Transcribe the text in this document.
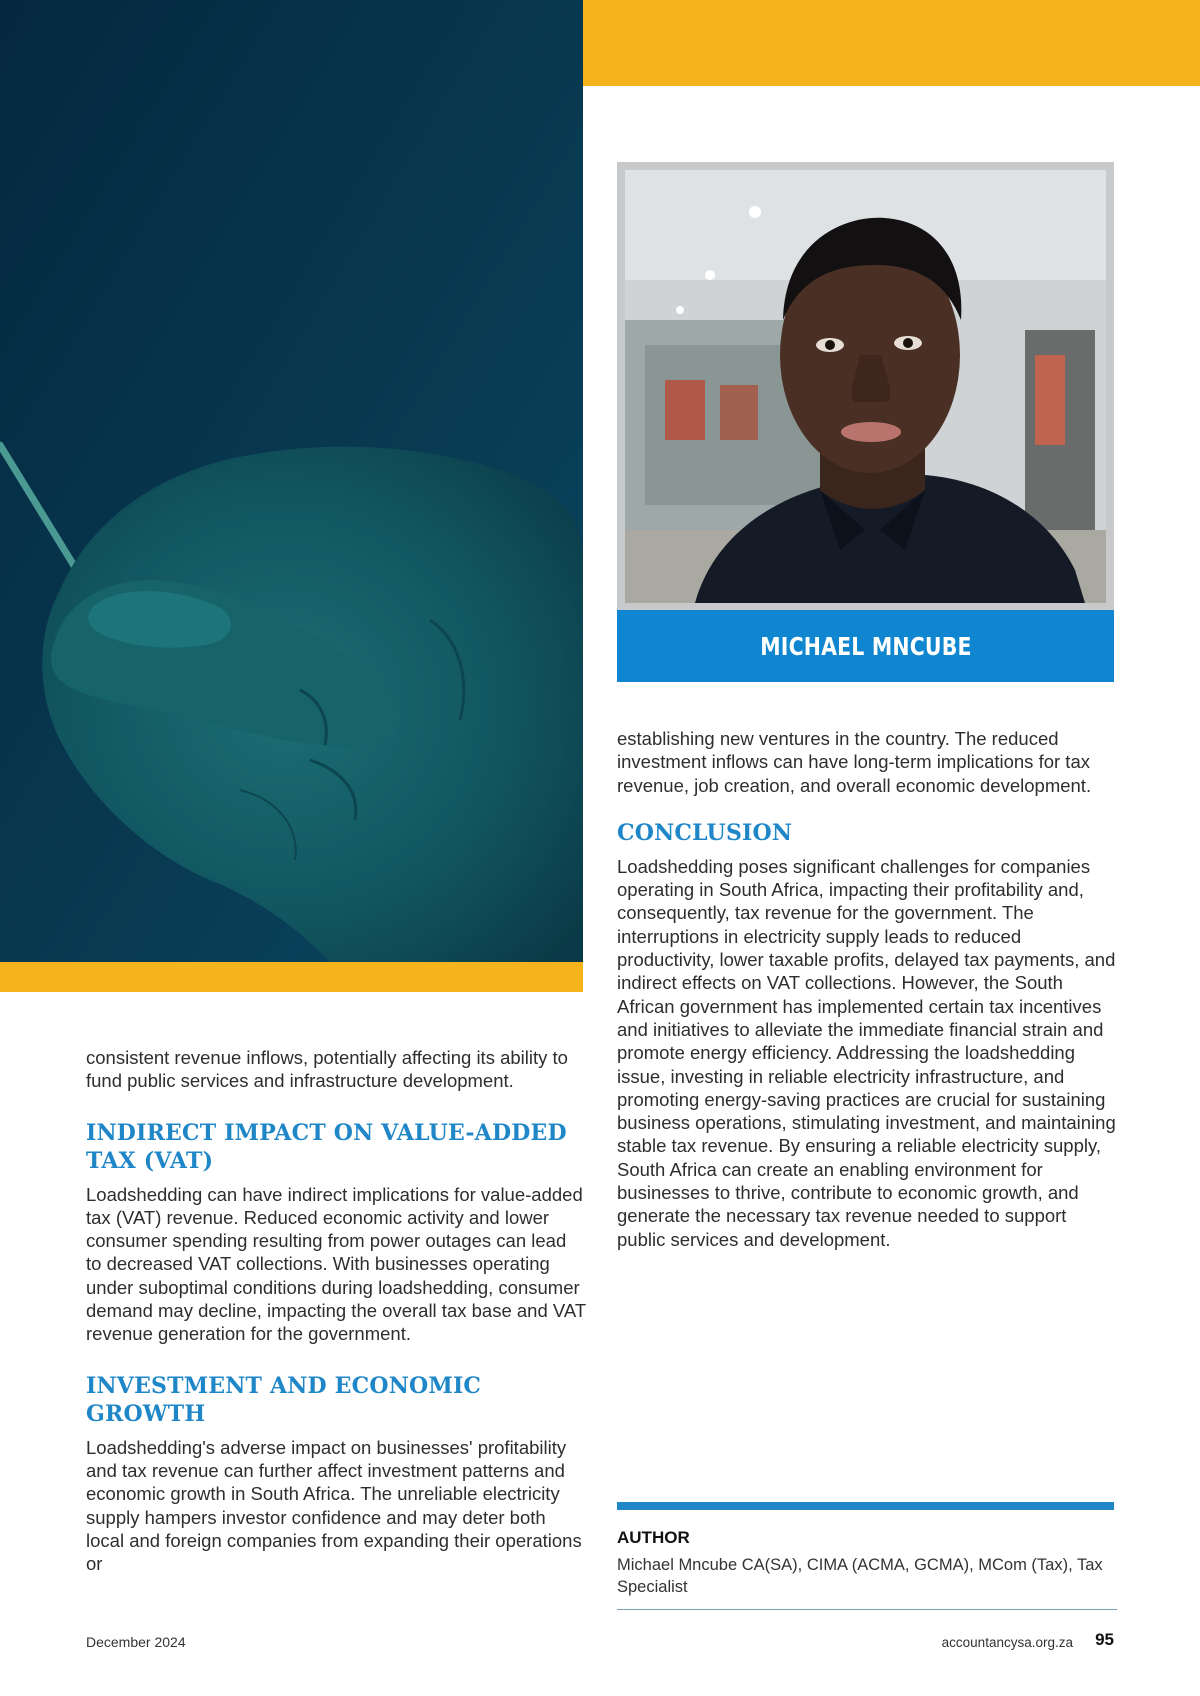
MICHAEL MNCUBE

consistent revenue inflows, potentially affecting its ability to fund public services and infrastructure development.

INDIRECT IMPACT ON VALUE-ADDED TAX (VAT)

Loadshedding can have indirect implications for value-added tax (VAT) revenue. Reduced economic activity and lower consumer spending resulting from power outages can lead to decreased VAT collections. With businesses operating under suboptimal conditions during loadshedding, consumer demand may decline, impacting the overall tax base and VAT revenue generation for the government.

INVESTMENT AND ECONOMIC GROWTH

Loadshedding's adverse impact on businesses' profitability and tax revenue can further affect investment patterns and economic growth in South Africa. The unreliable electricity supply hampers investor confidence and may deter both local and foreign companies from expanding their operations or

establishing new ventures in the country. The reduced investment inflows can have long-term implications for tax revenue, job creation, and overall economic development.

CONCLUSION

Loadshedding poses significant challenges for companies operating in South Africa, impacting their profitability and, consequently, tax revenue for the government. The interruptions in electricity supply leads to reduced productivity, lower taxable profits, delayed tax payments, and indirect effects on VAT collections. However, the South African government has implemented certain tax incentives and initiatives to alleviate the immediate financial strain and promote energy efficiency. Addressing the loadshedding issue, investing in reliable electricity infrastructure, and promoting energy-saving practices are crucial for sustaining business operations, stimulating investment, and maintaining stable tax revenue. By ensuring a reliable electricity supply, South Africa can create an enabling environment for businesses to thrive, contribute to economic growth, and generate the necessary tax revenue needed to support public services and development.

AUTHOR
Michael Mncube CA(SA), CIMA (ACMA, GCMA), MCom (Tax), Tax Specialist
December 2024	accountancysa.org.za 95
